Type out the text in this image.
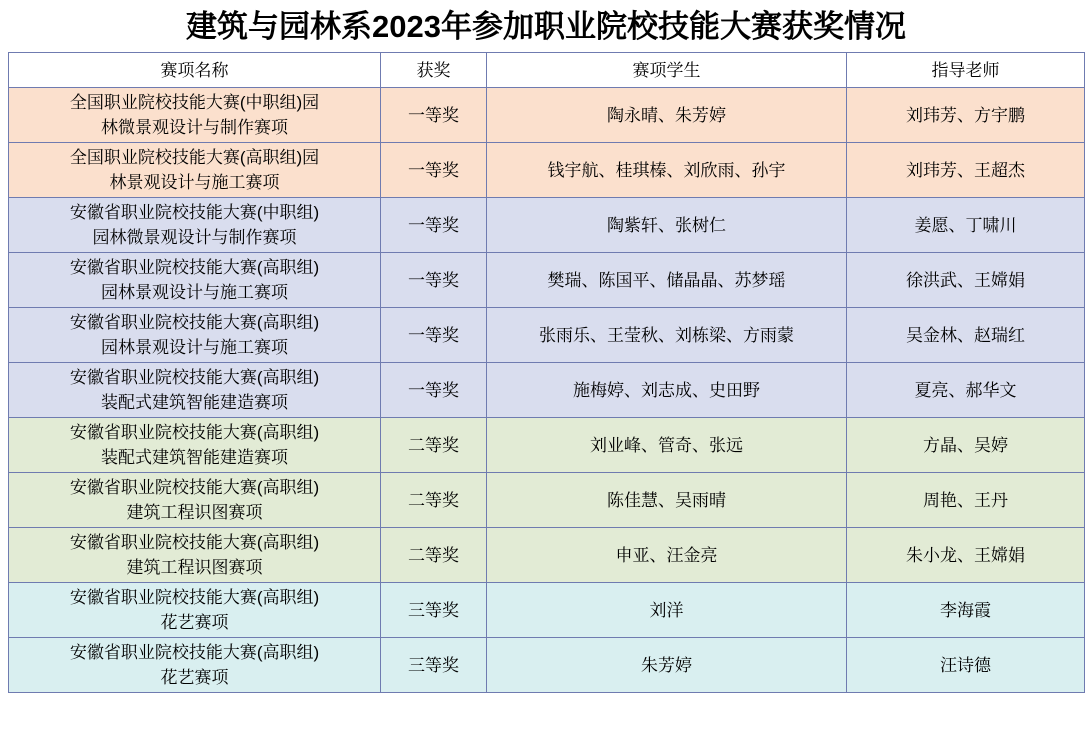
建筑与园林系2023年参加职业院校技能大赛获奖情况
赛项名称	获奖	赛项学生	指导老师

全国职业院校技能大赛(中职组)园
林微景观设计与制作赛项	一等奖	陶永晴、朱芳婷	刘玮芳、方宇鹏

全国职业院校技能大赛(高职组)园
林景观设计与施工赛项	一等奖	钱宇航、桂琪榛、刘欣雨、孙宇	刘玮芳、王超杰

安徽省职业院校技能大赛(中职组)
园林微景观设计与制作赛项	一等奖	陶紫轩、张树仁	姜愿、丁啸川

安徽省职业院校技能大赛(高职组)
园林景观设计与施工赛项	一等奖	樊瑞、陈国平、储晶晶、苏梦瑶	徐洪武、王嫦娟

安徽省职业院校技能大赛(高职组)
园林景观设计与施工赛项	一等奖	张雨乐、王莹秋、刘栋梁、方雨蒙	吴金林、赵瑞红

安徽省职业院校技能大赛(高职组)
装配式建筑智能建造赛项	一等奖	施梅婷、刘志成、史田野	夏亮、郝华文

安徽省职业院校技能大赛(高职组)
装配式建筑智能建造赛项	二等奖	刘业峰、管奇、张远	方晶、吴婷

安徽省职业院校技能大赛(高职组)
建筑工程识图赛项	二等奖	陈佳慧、吴雨晴	周艳、王丹

安徽省职业院校技能大赛(高职组)
建筑工程识图赛项	二等奖	申亚、汪金亮	朱小龙、王嫦娟

安徽省职业院校技能大赛(高职组)
花艺赛项	三等奖	刘洋	李海霞

安徽省职业院校技能大赛(高职组)
花艺赛项	三等奖	朱芳婷	汪诗德
